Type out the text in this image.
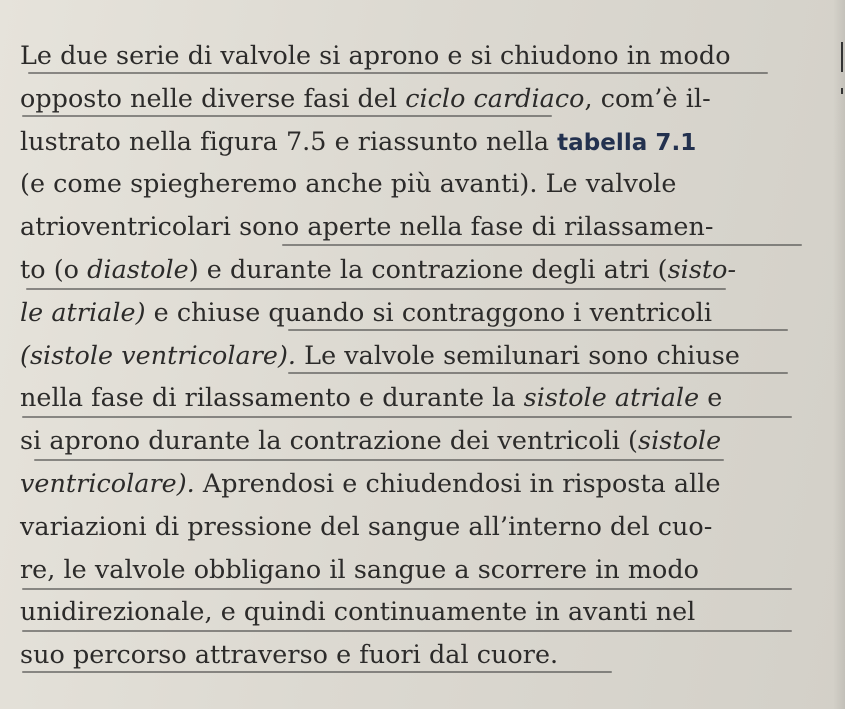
Le due serie di valvole si aprono e si chiudono in modo
opposto nelle diverse fasi del ciclo cardiaco, com’è il-
lustrato nella figura 7.5 e riassunto nella tabella 7.1
(e come spiegheremo anche più avanti). Le valvole
atrioventricolari sono aperte nella fase di rilassamen-
to (o diastole) e durante la contrazione degli atri (sisto-
le atriale) e chiuse quando si contraggono i ventricoli
(sistole ventricolare). Le valvole semilunari sono chiuse
nella fase di rilassamento e durante la sistole atriale e
si aprono durante la contrazione dei ventricoli (sistole
ventricolare). Aprendosi e chiudendosi in risposta alle
variazioni di pressione del sangue all’interno del cuo-
re, le valvole obbligano il sangue a scorrere in modo
unidirezionale, e quindi continuamente in avanti nel
suo percorso attraverso e fuori dal cuore.
